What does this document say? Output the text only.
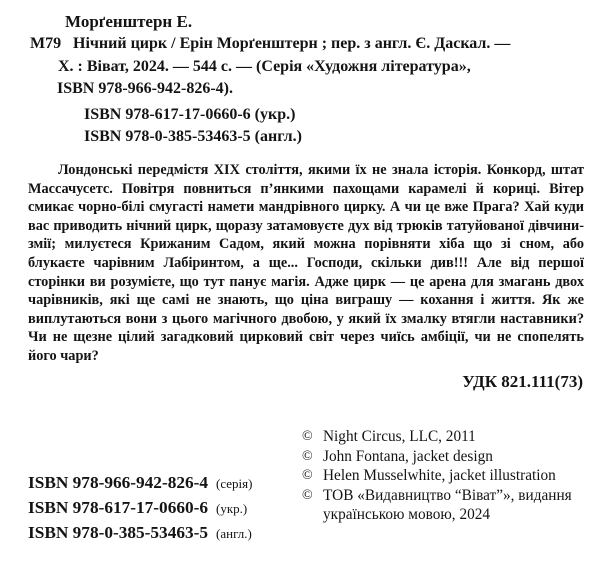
Морґенштерн Е.
М79 Нічний цирк / Ерін Морґенштерн ; пер. з англ. Є. Даскал. —
Х. : Віват, 2024. — 544 с. — (Серія «Художня література»,
ISBN 978-966-942-826-4).
ISBN 978-617-17-0660-6 (укр.)
ISBN 978-0-385-53463-5 (англ.)
Лондонські передмістя XIX століття, якими їх не знала історія. Конкорд, штат Массачусетс. Повітря повниться п’янкими пахощами карамелі й кориці. Вітер смикає чорно-білі смугасті намети мандрівного цирку. А чи це вже Прага? Хай куди вас приводить нічний цирк, щоразу затамовуєте дух від трюків татуйованої дівчини-змії; милуєтеся Крижаним Садом, який можна порівняти хіба що зі сном, або блукаєте чарівним Лабіринтом, а ще... Господи, скільки див!!! Але від першої сторінки ви розумієте, що тут панує магія. Адже цирк — це арена для змагань двох чарівників, які ще самі не знають, що ціна виграшу — кохання і життя. Як же виплутаються вони з цього магічного двобою, у який їх змалку втягли наставники? Чи не щезне цілий загадковий цирковий світ через чиїсь амбіції, чи не спопелять його чари?
УДК 821.111(73)
© Night Circus, LLC, 2011
© John Fontana, jacket design
© Helen Musselwhite, jacket illustration
© ТОВ «Видавництво “Віват”», видання українською мовою, 2024
ISBN 978-966-942-826-4 (серія)
ISBN 978-617-17-0660-6 (укр.)
ISBN 978-0-385-53463-5 (англ.)
